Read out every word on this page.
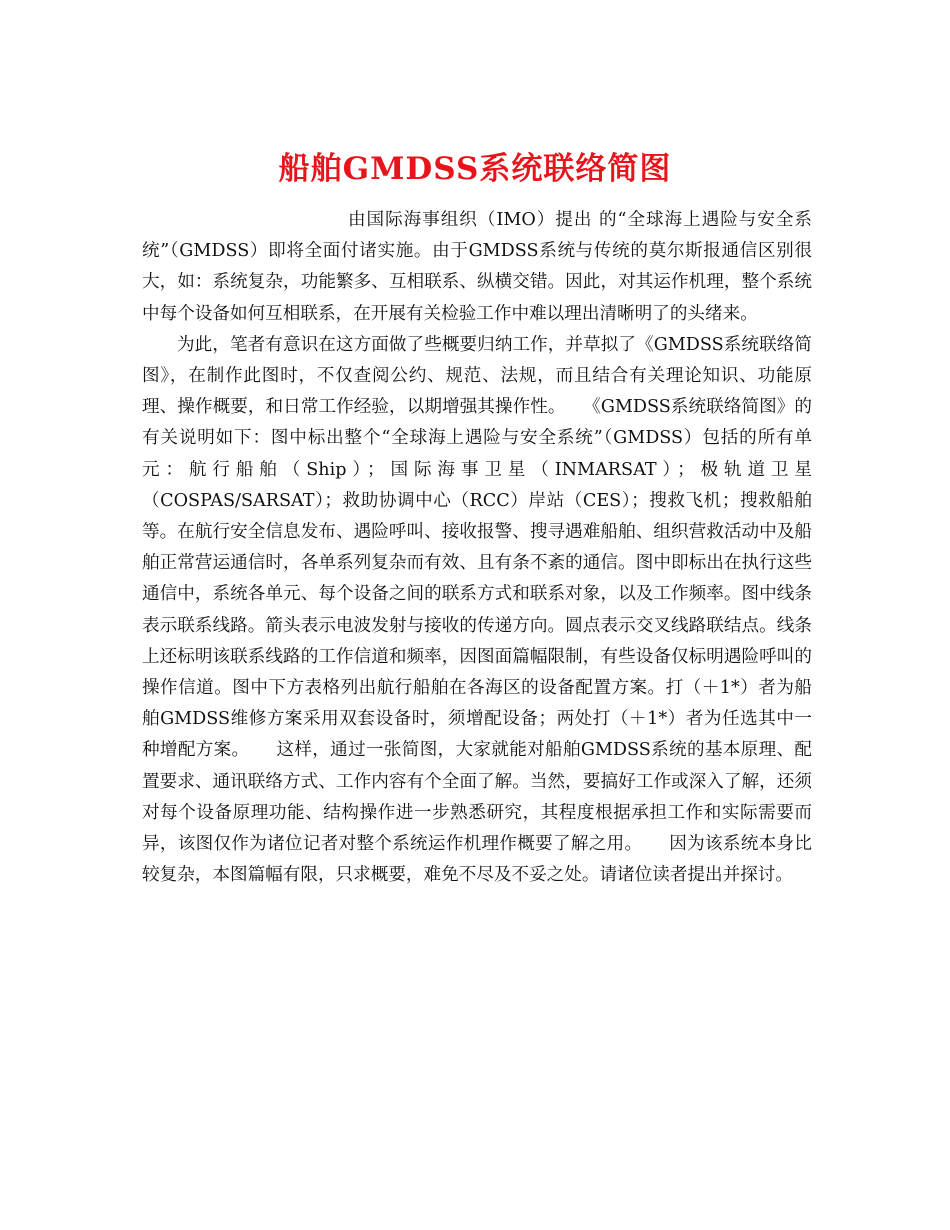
船舶GMDSS系统联络简图

由国际海事组织（IMO）提出 的“全球海上遇险与安全系统”（GMDSS）即将全面付诸实施。由于GMDSS系统与传统的莫尔斯报通信区别很大，如：系统复杂，功能繁多、互相联系、纵横交错。因此，对其运作机理，整个系统中每个设备如何互相联系，在开展有关检验工作中难以理出清晰明了的头绪来。

为此，笔者有意识在这方面做了些概要归纳工作，并草拟了《GMDSS系统联络简图》，在制作此图时，不仅查阅公约、规范、法规，而且结合有关理论知识、功能原理、操作概要，和日常工作经验，以期增强其操作性。　　《GMDSS系统联络简图》的有关说明如下：图中标出整个“全球海上遇险与安全系统”（GMDSS）包括的所有单元：航行船舶（Ship）；国际海事卫星（INMARSAT）；极轨道卫星（COSPAS/SARSAT）；救助协调中心（RCC）岸站（CES）；搜救飞机；搜救船舶等。在航行安全信息发布、遇险呼叫、接收报警、搜寻遇难船舶、组织营救活动中及船舶正常营运通信时，各单系列复杂而有效、且有条不紊的通信。图中即标出在执行这些通信中，系统各单元、每个设备之间的联系方式和联系对象，以及工作频率。图中线条表示联系线路。箭头表示电波发射与接收的传递方向。圆点表示交叉线路联结点。线条上还标明该联系线路的工作信道和频率，因图面篇幅限制，有些设备仅标明遇险呼叫的操作信道。图中下方表格列出航行船舶在各海区的设备配置方案。打（＋1*）者为船舶GMDSS维修方案采用双套设备时，须增配设备；两处打（＋1*）者为任选其中一种增配方案。　　这样，通过一张简图，大家就能对船舶GMDSS系统的基本原理、配置要求、通讯联络方式、工作内容有个全面了解。当然，要搞好工作或深入了解，还须对每个设备原理功能、结构操作进一步熟悉研究，其程度根据承担工作和实际需要而异，该图仅作为诸位记者对整个系统运作机理作概要了解之用。　　因为该系统本身比较复杂，本图篇幅有限，只求概要，难免不尽及不妥之处。请诸位读者提出并探讨。
